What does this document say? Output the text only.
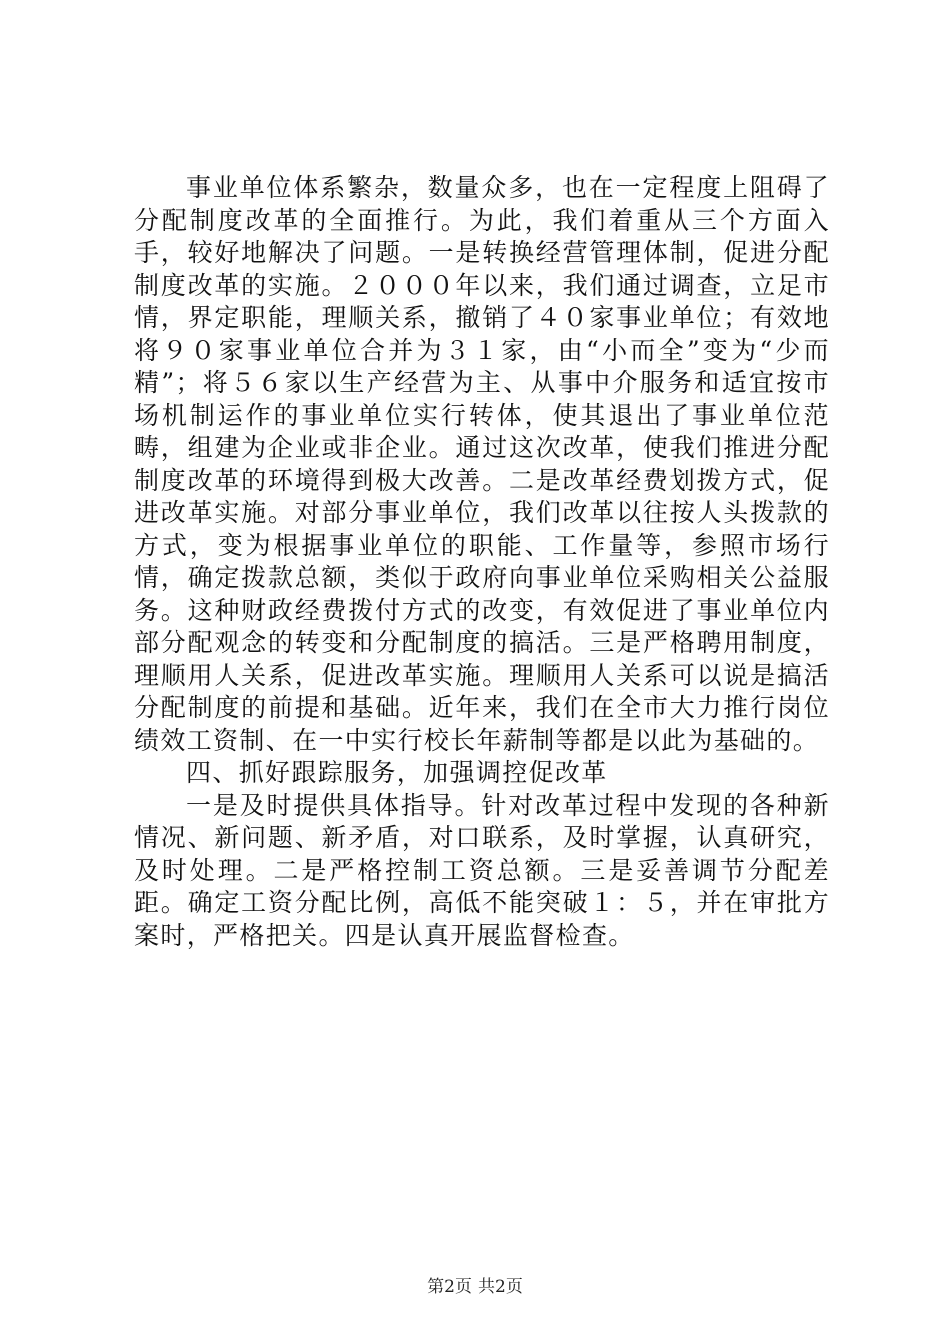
事业单位体系繁杂，数量众多，也在一定程度上阻碍了分配制度改革的全面推行。为此，我们着重从三个方面入手，较好地解决了问题。一是转换经营管理体制，促进分配制度改革的实施。２０００年以来，我们通过调查，立足市情，界定职能，理顺关系，撤销了４０家事业单位；有效地将９０家事业单位合并为３１家，由“小而全”变为“少而精”；将５６家以生产经营为主、从事中介服务和适宜按市场机制运作的事业单位实行转体，使其退出了事业单位范畴，组建为企业或非企业。通过这次改革，使我们推进分配制度改革的环境得到极大改善。二是改革经费划拨方式，促进改革实施。对部分事业单位，我们改革以往按人头拨款的方式，变为根据事业单位的职能、工作量等，参照市场行情，确定拨款总额，类似于政府向事业单位采购相关公益服务。这种财政经费拨付方式的改变，有效促进了事业单位内部分配观念的转变和分配制度的搞活。三是严格聘用制度，理顺用人关系，促进改革实施。理顺用人关系可以说是搞活分配制度的前提和基础。近年来，我们在全市大力推行岗位绩效工资制、在一中实行校长年薪制等都是以此为基础的。

四、抓好跟踪服务，加强调控促改革

一是及时提供具体指导。针对改革过程中发现的各种新情况、新问题、新矛盾，对口联系，及时掌握，认真研究，及时处理。二是严格控制工资总额。三是妥善调节分配差距。确定工资分配比例，高低不能突破１：５，并在审批方案时，严格把关。四是认真开展监督检查。

第2页 共2页
